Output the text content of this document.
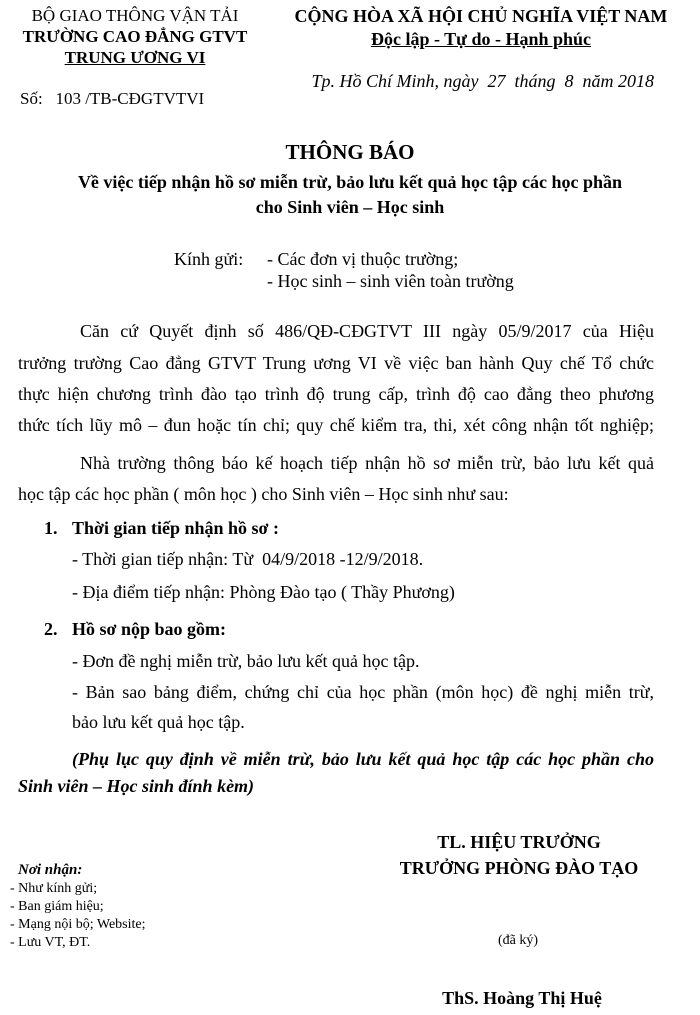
BỘ GIAO THÔNG VẬN TẢI
TRƯỜNG CAO ĐẲNG GTVT
TRUNG ƯƠNG VI
Số: 103 /TB-CĐGTVTVI
CỘNG HÒA XÃ HỘI CHỦ NGHĨA VIỆT NAM
Độc lập - Tự do - Hạnh phúc
Tp. Hồ Chí Minh, ngày  27  tháng  8  năm 2018
THÔNG BÁO
Về việc tiếp nhận hồ sơ miễn trừ, bảo lưu kết quả học tập các học phần
cho Sinh viên – Học sinh
Kính gửi: - Các đơn vị thuộc trường;
- Học sinh – sinh viên toàn trường
Căn cứ Quyết định số 486/QĐ-CĐGTVT III ngày 05/9/2017 của Hiệu
trưởng trường Cao đẳng GTVT Trung ương VI về việc ban hành Quy chế Tổ chức
thực hiện chương trình đào tạo trình độ trung cấp, trình độ cao đẳng theo phương
thức tích lũy mô – đun hoặc tín chỉ; quy chế kiểm tra, thi, xét công nhận tốt nghiệp;
Nhà trường thông báo kế hoạch tiếp nhận hồ sơ miễn trừ, bảo lưu kết quả
học tập các học phần ( môn học ) cho Sinh viên – Học sinh như sau:
1. Thời gian tiếp nhận hồ sơ :
- Thời gian tiếp nhận: Từ  04/9/2018 -12/9/2018.
- Địa điểm tiếp nhận: Phòng Đào tạo ( Thầy Phương)
2. Hồ sơ nộp bao gồm:
- Đơn đề nghị miễn trừ, bảo lưu kết quả học tập.
- Bản sao bảng điểm, chứng chỉ của học phần (môn học) đề nghị miễn trừ,
bảo lưu kết quả học tập.
(Phụ lục quy định về miễn trừ, bảo lưu kết quả học tập các học phần cho
Sinh viên – Học sinh đính kèm)
TL. HIỆU TRƯỞNG
TRƯỞNG PHÒNG ĐÀO TẠO
(đã ký)
ThS. Hoàng Thị Huệ
Nơi nhận:
- Như kính gửi;
- Ban giám hiệu;
- Mạng nội bộ; Website;
- Lưu VT, ĐT.
